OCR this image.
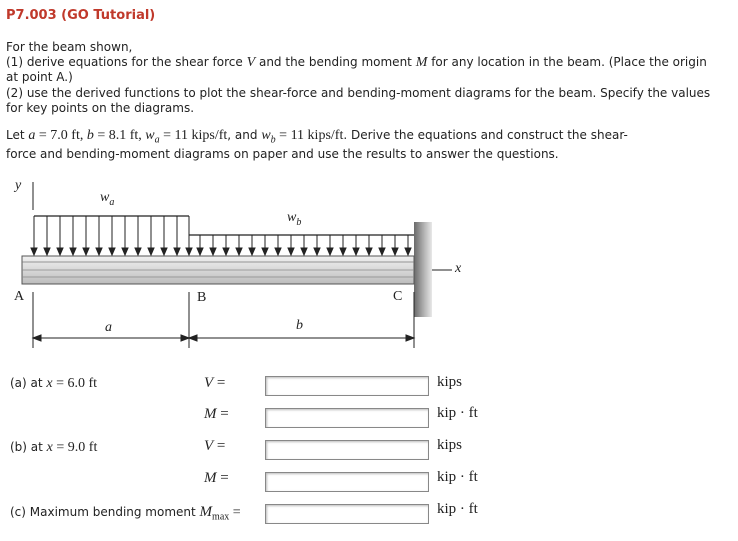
P7.003 (GO Tutorial)
For the beam shown,
(1) derive equations for the shear force V and the bending moment M for any location in the beam. (Place the origin
at point A.)
(2) use the derived functions to plot the shear-force and bending-moment diagrams for the beam. Specify the values
for key points on the diagrams.
Let a = 7.0 ft, b = 8.1 ft, $w_a = 11$ kips/ft, and $w_b = 11$ kips/ft. Derive the equations and construct the shear-
force and bending-moment diagrams on paper and use the results to answer the questions.
y
x
$w_a$
$w_b$
A	B	C
a	b
(a) at x = 6.0 ft	V =	kips
M =	kip · ft
(b) at x = 9.0 ft	V =	kips
M =	kip · ft
(c) Maximum bending moment $M_{max}$ =	kip · ft
